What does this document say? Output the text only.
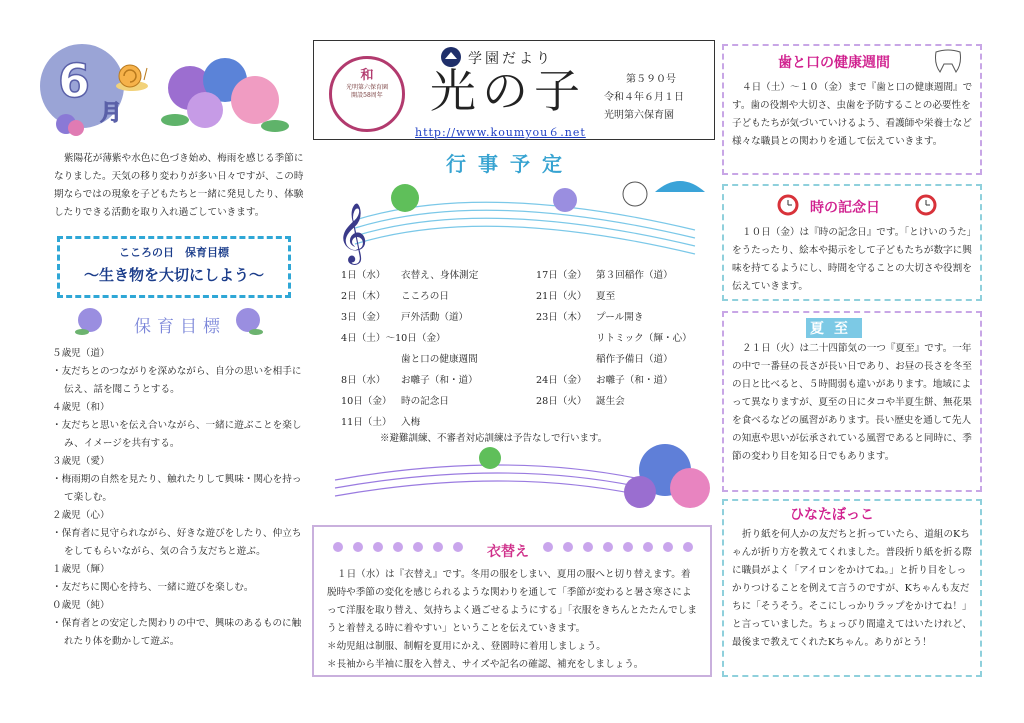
6
月
紫陽花が薄紫や水色に色づき始め、梅雨を感じる季節になりました。天気の移り変わりが多い日々ですが、この時期ならではの現象を子どもたちと一緒に発見したり、体験したりできる活動を取り入れ過ごしていきます。
こころの日　保育目標
～生き物を大切にしよう～
保育目標

５歳児（道）

・友だちとのつながりを深めながら、自分の思いを相手に伝え、話を聞こうとする。

４歳児（和）

・友だちと思いを伝え合いながら、一緒に遊ぶことを楽しみ、イメージを共有する。

３歳児（愛）

・梅雨期の自然を見たり、触れたりして興味・関心を持って楽しむ。

２歳児（心）

・保育者に見守られながら、好きな遊びをしたり、仲立ちをしてもらいながら、気の合う友だちと遊ぶ。

１歳児（輝）

・友だちに関心を持ち、一緒に遊びを楽しむ。

０歳児（純）

・保育者との安定した関わりの中で、興味のあるものに触れたり体を動かして遊ぶ。

和
光明第六保育園
開設58周年
学園だより
光の子	第５９０号
令和４年６月１日
光明第六保育園
http://www.koumyou６.net
行事予定
𝄞
1日（水） 衣替え、身体測定
2日（木） こころの日
3日（金） 戸外活動（道）
4日（土）～10日（金）
歯と口の健康週間
8日（水） お囃子（和・道）
10日（金） 時の記念日
11日（土） 入梅
17日（金） 第３回稲作（道）
21日（火） 夏至
23日（木） プール開き
リトミック（輝・心）
稲作予備日（道）
24日（金） お囃子（和・道）
28日（火） 誕生会
※避難訓練、不審者対応訓練は予告なしで行います。
衣替え

１日（水）は『衣替え』です。冬用の服をしまい、夏用の服へと切り替えます。着脱時や季節の変化を感じられるような関わりを通して「季節が変わると暑さ寒さによって洋服を取り替え、気持ちよく過ごせるようにする」「衣服をきちんとたたんでしまうと着替える時に着やすい」ということを伝えていきます。

＊幼児組は制服、制帽を夏用にかえ、登園時に着用しましょう。

＊長袖から半袖に服を入替え、サイズや記名の確認、補充をしましょう。

歯と口の健康週間
４日（土）～１０（金）まで『歯と口の健康週間』です。歯の役割や大切さ、虫歯を予防することの必要性を子どもたちが気づいていけるよう、看護師や栄養士など様々な職員との関わりを通して伝えていきます。
時の記念日
１０日（金）は『時の記念日』です。「とけいのうた」をうたったり、絵本や掲示をして子どもたちが数字に興味を持てるようにし、時間を守ることの大切さや役割を伝えていきます。
夏至
２１日（火）は二十四節気の一つ『夏至』です。一年の中で一番昼の長さが長い日であり、お昼の長さを冬至の日と比べると、５時間弱も違いがあります。地域によって異なりますが、夏至の日にタコや半夏生餅、無花果を食べるなどの風習があります。長い歴史を通して先人の知恵や思いが伝承されている風習であると同時に、季節の変わり目を知る日でもあります。
ひなたぼっこ
折り紙を何人かの友だちと折っていたら、道組のKちゃんが折り方を教えてくれました。普段折り紙を折る際に職員がよく「アイロンをかけてね。」と折り目をしっかりつけることを例えて言うのですが、Kちゃんも友だちに「そうそう。そこにしっかりラップをかけてね！」と言っていました。ちょっぴり間違えてはいたけれど、最後まで教えてくれたKちゃん。ありがとう！
